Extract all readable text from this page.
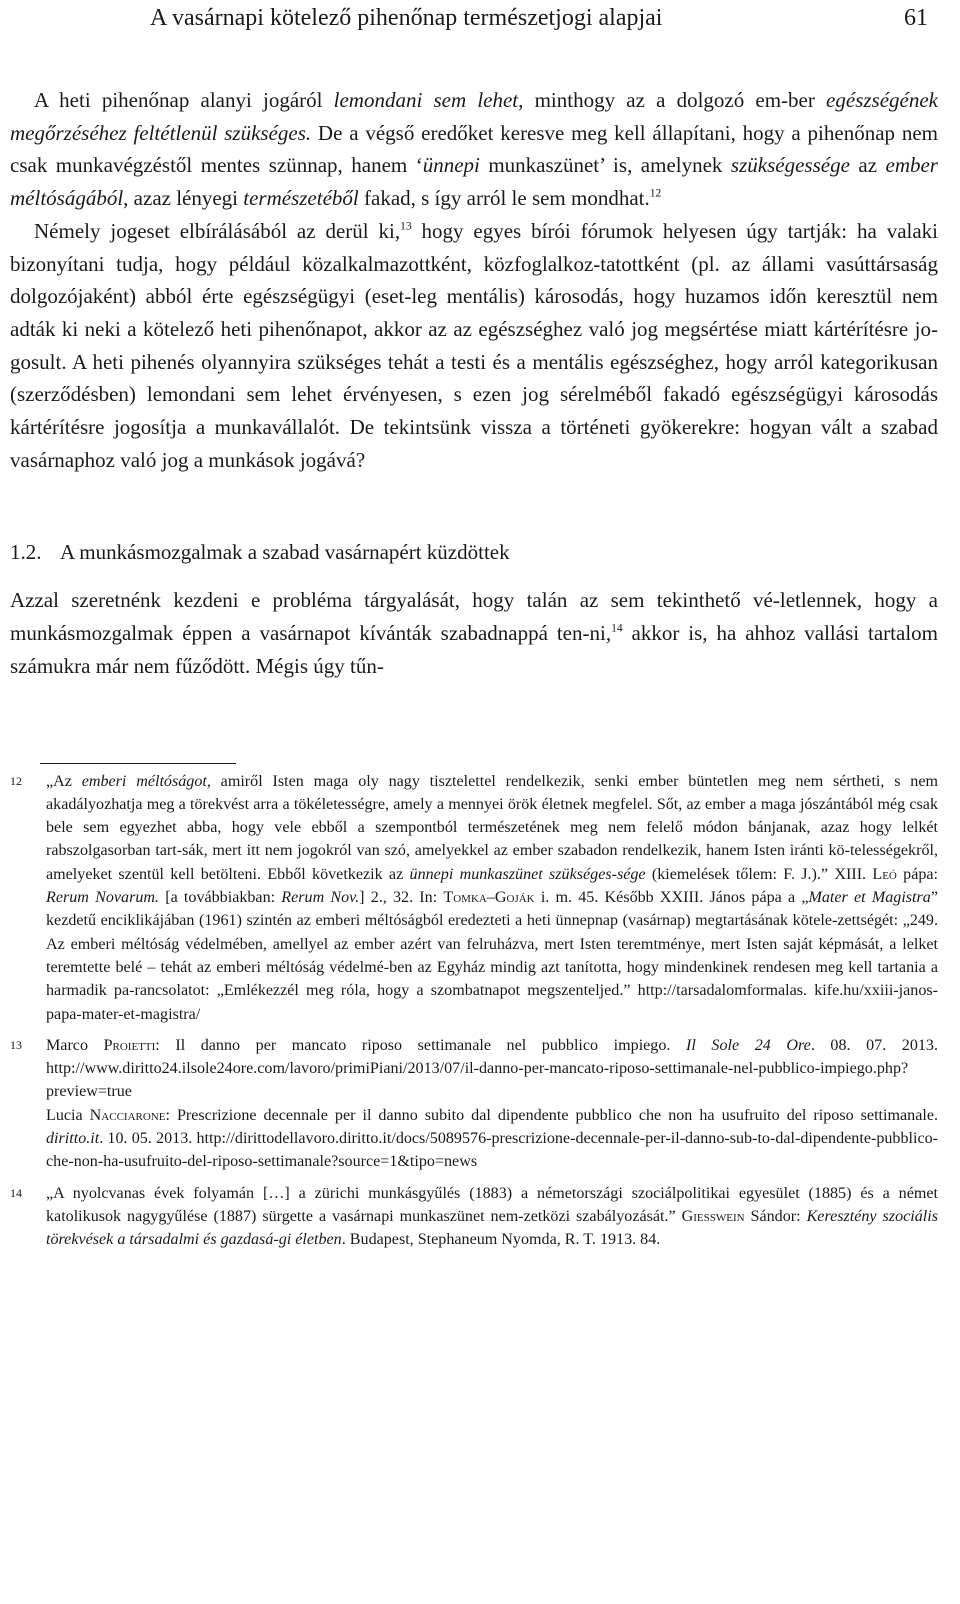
A vasárnapi kötelező pihenőnap természetjogi alapjai	61

A heti pihenőnap alanyi jogáról lemondani sem lehet, minthogy az a dolgozó em-ber egészségének megőrzéséhez feltétlenül szükséges. De a végső eredőket keresve meg kell állapítani, hogy a pihenőnap nem csak munkavégzéstől mentes szünnap, hanem ‘ünnepi munkaszünet’ is, amelynek szükségessége az ember méltóságából, azaz lényegi természetéből fakad, s így arról le sem mondhat.$^{12}$

Némely jogeset elbírálásából az derül ki,$^{13}$ hogy egyes bírói fórumok helyesen úgy tartják: ha valaki bizonyítani tudja, hogy például közalkalmazottként, közfoglalkoz-tatottként (pl. az állami vasúttársaság dolgozójaként) abból érte egészségügyi (eset-leg mentális) károsodás, hogy huzamos időn keresztül nem adták ki neki a kötelező heti pihenőnapot, akkor az az egészséghez való jog megsértése miatt kártérítésre jo-gosult. A heti pihenés olyannyira szükséges tehát a testi és a mentális egészséghez, hogy arról kategorikusan (szerződésben) lemondani sem lehet érvényesen, s ezen jog sérelméből fakadó egészségügyi károsodás kártérítésre jogosítja a munkavállalót. De tekintsünk vissza a történeti gyökerekre: hogyan vált a szabad vasárnaphoz való jog a munkások jogává?

1.2. A munkásmozgalmak a szabad vasárnapért küzdöttek

Azzal szeretnénk kezdeni e probléma tárgyalását, hogy talán az sem tekinthető vé-letlennek, hogy a munkásmozgalmak éppen a vasárnapot kívánták szabadnappá ten-ni,$^{14}$ akkor is, ha ahhoz vallási tartalom számukra már nem fűződött. Mégis úgy tűn-

12	„Az emberi méltóságot, amiről Isten maga oly nagy tisztelettel rendelkezik, senki ember büntetlen meg nem sértheti, s nem akadályozhatja meg a törekvést arra a tökéletességre, amely a mennyei örök életnek megfelel. Sőt, az ember a maga jószántából még csak bele sem egyezhet abba, hogy vele ebből a szempontból természetének meg nem felelő módon bánjanak, azaz hogy lelkét rabszolgasorban tart-sák, mert itt nem jogokról van szó, amelyekkel az ember szabadon rendelkezik, hanem Isten iránti kö-telességekről, amelyeket szentül kell betölteni. Ebből következik az ünnepi munkaszünet szükséges-sége (kiemelések tőlem: F. J.).” XIII. Leó pápa: Rerum Novarum. [a továbbiakban: Rerum Nov.] 2., 32. In: Tomka–Goják i. m. 45. Később XXIII. János pápa a „Mater et Magistra” kezdetű enciklikájában (1961) szintén az emberi méltóságból eredezteti a heti ünnepnap (vasárnap) megtartásának kötele-zettségét: „249. Az emberi méltóság védelmében, amellyel az ember azért van felruházva, mert Isten teremtménye, mert Isten saját képmását, a lelket teremtette belé – tehát az emberi méltóság védelmé-ben az Egyház mindig azt tanította, hogy mindenkinek rendesen meg kell tartania a harmadik pa-rancsolatot: „Emlékezzél meg róla, hogy a szombatnapot megszenteljed.” http://tarsadalomformalas. kife.hu/xxiii-janos-papa-mater-et-magistra/
13	Marco Proietti: Il danno per mancato riposo settimanale nel pubblico impiego. Il Sole 24 Ore. 08. 07. 2013. http://www.diritto24.ilsole24ore.com/lavoro/primiPiani/2013/07/il-danno-per-mancato-riposo-settimanale-nel-pubblico-impiego.php?preview=true

Lucia Nacciarone: Prescrizione decennale per il danno subito dal dipendente pubblico che non ha usufruito del riposo settimanale. diritto.it. 10. 05. 2013. http://dirittodellavoro.diritto.it/docs/5089576-prescrizione-decennale-per-il-danno-sub-to-dal-dipendente-pubblico-che-non-ha-usufruito-del-riposo-settimanale?source=1&tipo=news

14	„A nyolcvanas évek folyamán […] a zürichi munkásgyűlés (1883) a németországi szociálpolitikai egyesület (1885) és a német katolikusok nagygyűlése (1887) sürgette a vasárnapi munkaszünet nem-zetközi szabályozását.” Giesswein Sándor: Keresztény szociális törekvések a társadalmi és gazdasá-gi életben. Budapest, Stephaneum Nyomda, R. T. 1913. 84.
